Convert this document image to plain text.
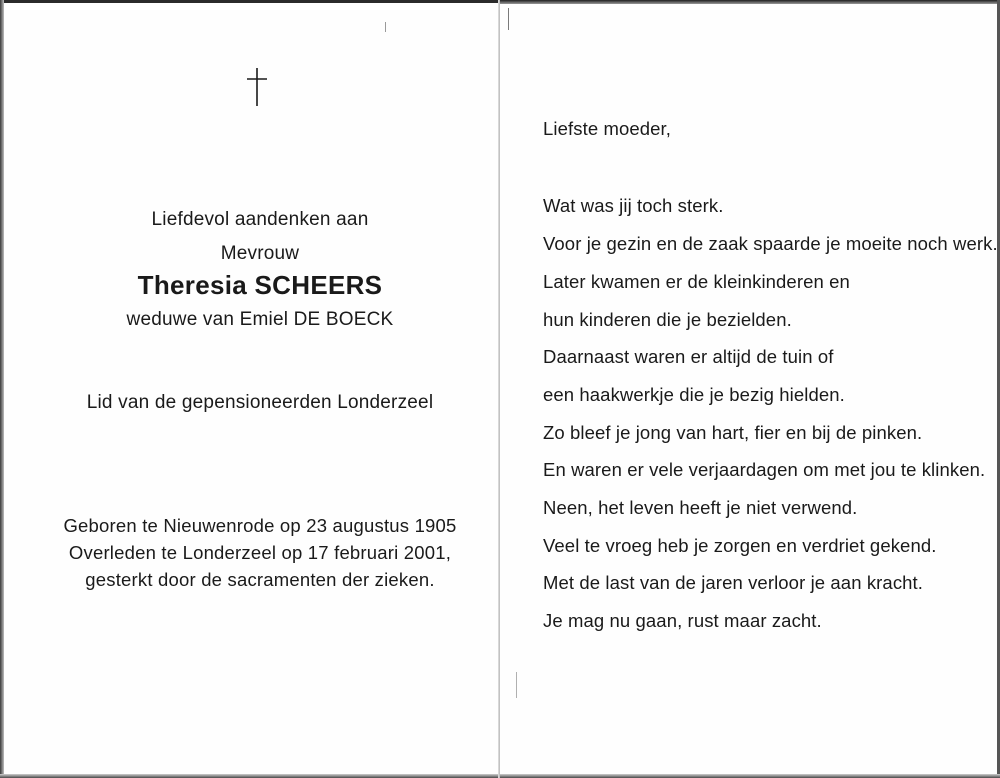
Liefdevol aandenken aan
Mevrouw
Theresia SCHEERS
weduwe van Emiel DE BOECK
Lid van de gepensioneerden Londerzeel
Geboren te Nieuwenrode op 23 augustus 1905
Overleden te Londerzeel op 17 februari 2001,
gesterkt door de sacramenten der zieken.
Liefste moeder,
Wat was jij toch sterk.
Voor je gezin en de zaak spaarde je moeite noch werk.
Later kwamen er de kleinkinderen en
hun kinderen die je bezielden.
Daarnaast waren er altijd de tuin of
een haakwerkje die je bezig hielden.
Zo bleef je jong van hart, fier en bij de pinken.
En waren er vele verjaardagen om met jou te klinken.
Neen, het leven heeft je niet verwend.
Veel te vroeg heb je zorgen en verdriet gekend.
Met de last van de jaren verloor je aan kracht.
Je mag nu gaan, rust maar zacht.
